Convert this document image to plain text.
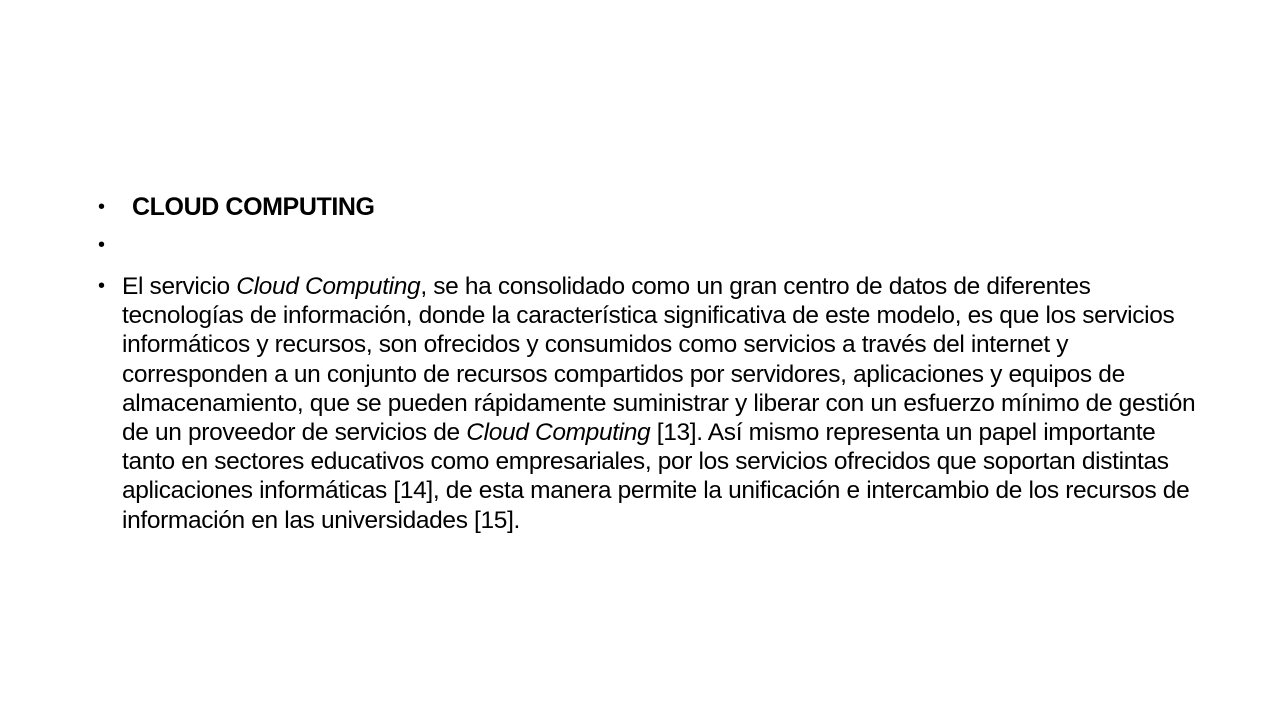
• CLOUD COMPUTING
•
• El servicio Cloud Computing, se ha consolidado como un gran centro de datos de diferentes tecnologías de información, donde la característica significativa de este modelo, es que los servicios informáticos y recursos, son ofrecidos y consumidos como servicios a través del internet y corresponden a un conjunto de recursos compartidos por servidores, aplicaciones y equipos de almacenamiento, que se pueden rápidamente suministrar y liberar con un esfuerzo mínimo de gestión de un proveedor de servicios de Cloud Computing [13]. Así mismo representa un papel importante tanto en sectores educativos como empresariales, por los servicios ofrecidos que soportan distintas aplicaciones informáticas [14], de esta manera permite la unificación e intercambio de los recursos de información en las universidades [15].
